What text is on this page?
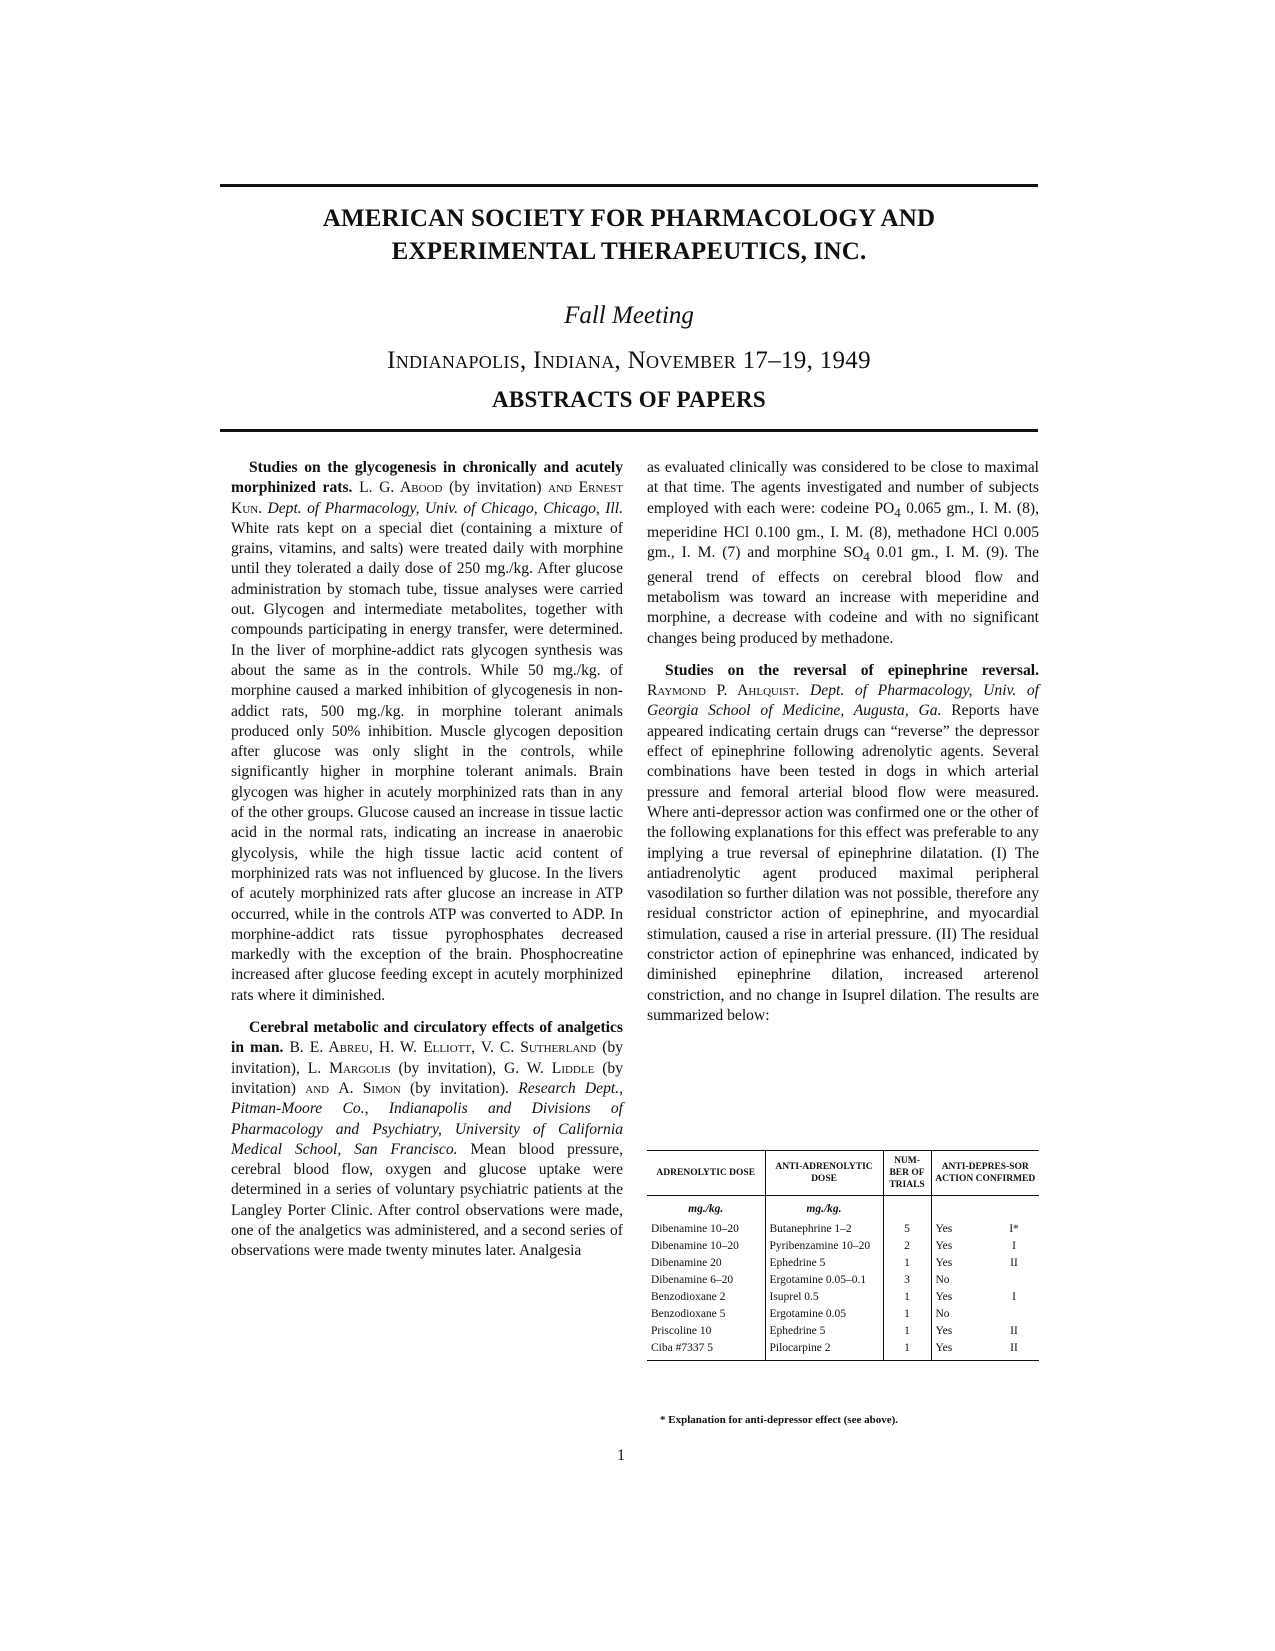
AMERICAN SOCIETY FOR PHARMACOLOGY AND
EXPERIMENTAL THERAPEUTICS, INC.
Fall Meeting
Indianapolis, Indiana, November 17–19, 1949
ABSTRACTS OF PAPERS

Studies on the glycogenesis in chronically and acutely morphinized rats. L. G. Abood (by invitation) and Ernest Kun. Dept. of Pharmacology, Univ. of Chicago, Chicago, Ill. White rats kept on a special diet (containing a mixture of grains, vitamins, and salts) were treated daily with morphine until they tolerated a daily dose of 250 mg./kg. After glucose administration by stomach tube, tissue analyses were carried out. Glycogen and intermediate metabolites, together with compounds participating in energy transfer, were determined. In the liver of morphine-addict rats glycogen synthesis was about the same as in the controls. While 50 mg./kg. of morphine caused a marked inhibition of glycogenesis in non-addict rats, 500 mg./kg. in morphine tolerant animals produced only 50% inhibition. Muscle glycogen deposition after glucose was only slight in the controls, while significantly higher in morphine tolerant animals. Brain glycogen was higher in acutely morphinized rats than in any of the other groups. Glucose caused an increase in tissue lactic acid in the normal rats, indicating an increase in anaerobic glycolysis, while the high tissue lactic acid content of morphinized rats was not influenced by glucose. In the livers of acutely morphinized rats after glucose an increase in ATP occurred, while in the controls ATP was converted to ADP. In morphine-addict rats tissue pyrophosphates decreased markedly with the exception of the brain. Phosphocreatine increased after glucose feeding except in acutely morphinized rats where it diminished.

Cerebral metabolic and circulatory effects of analgetics in man. B. E. Abreu, H. W. Elliott, V. C. Sutherland (by invitation), L. Margolis (by invitation), G. W. Liddle (by invitation) and A. Simon (by invitation). Research Dept., Pitman-Moore Co., Indianapolis and Divisions of Pharmacology and Psychiatry, University of California Medical School, San Francisco. Mean blood pressure, cerebral blood flow, oxygen and glucose uptake were determined in a series of voluntary psychiatric patients at the Langley Porter Clinic. After control observations were made, one of the analgetics was administered, and a second series of observations were made twenty minutes later. Analgesia

as evaluated clinically was considered to be close to maximal at that time. The agents investigated and number of subjects employed with each were: codeine $PO_4$ 0.065 gm., I. M. (8), meperidine HCl 0.100 gm., I. M. (8), methadone HCl 0.005 gm., I. M. (7) and morphine $SO_4$ 0.01 gm., I. M. (9). The general trend of effects on cerebral blood flow and metabolism was toward an increase with meperidine and morphine, a decrease with codeine and with no significant changes being produced by methadone.

Studies on the reversal of epinephrine reversal. Raymond P. Ahlquist. Dept. of Pharmacology, Univ. of Georgia School of Medicine, Augusta, Ga. Reports have appeared indicating certain drugs can “reverse” the depressor effect of epinephrine following adrenolytic agents. Several combinations have been tested in dogs in which arterial pressure and femoral arterial blood flow were measured. Where anti-depressor action was confirmed one or the other of the following explanations for this effect was preferable to any implying a true reversal of epinephrine dilatation. (I) The antiadrenolytic agent produced maximal peripheral vasodilation so further dilation was not possible, therefore any residual constrictor action of epinephrine, and myocardial stimulation, caused a rise in arterial pressure. (II) The residual constrictor action of epinephrine was enhanced, indicated by diminished epinephrine dilation, increased arterenol constriction, and no change in Isuprel dilation. The results are summarized below:

ADRENOLYTIC DOSE	ANTI-ADRENOLYTIC DOSE	NUM-BER OF TRIALS	ANTI-DEPRES-SOR ACTION CONFIRMED	
mg./kg.	mg./kg.			
Dibenamine 10–20	Butanephrine 1–2	5	Yes	I*
Dibenamine 10–20	Pyribenzamine 10–20	2	Yes	I
Dibenamine 20	Ephedrine 5	1	Yes	II
Dibenamine 6–20	Ergotamine 0.05–0.1	3	No	
Benzodioxane 2	Isuprel 0.5	1	Yes	I
Benzodioxane 5	Ergotamine 0.05	1	No	
Priscoline 10	Ephedrine 5	1	Yes	II
Ciba #7337 5	Pilocarpine 2	1	Yes	II
* Explanation for anti-depressor effect (see above).
1
